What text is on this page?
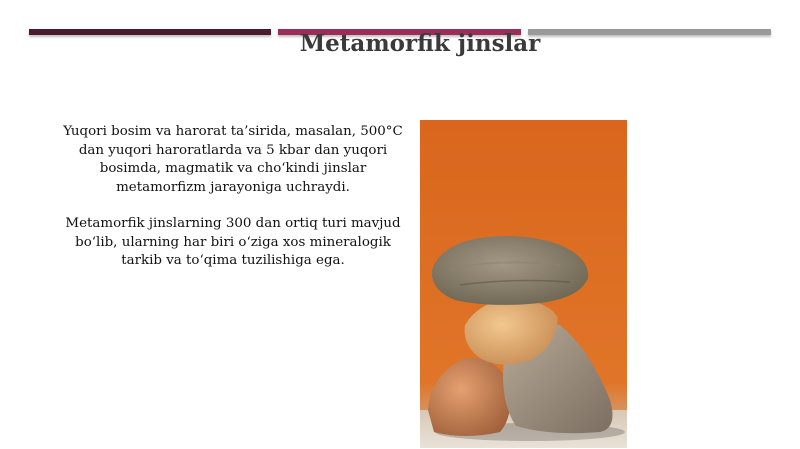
Metamorfik jinslar

Yuqori bosim va harorat ta’sirida, masalan, 500°C dan yuqori haroratlarda va 5 kbar dan yuqori bosimda, magmatik va cho‘kindi jinslar metamorfizm jarayoniga uchraydi.

Metamorfik jinslarning 300 dan ortiq turi mavjud bo‘lib, ularning har biri o‘ziga xos mineralogik tarkib va to‘qima tuzilishiga ega.
